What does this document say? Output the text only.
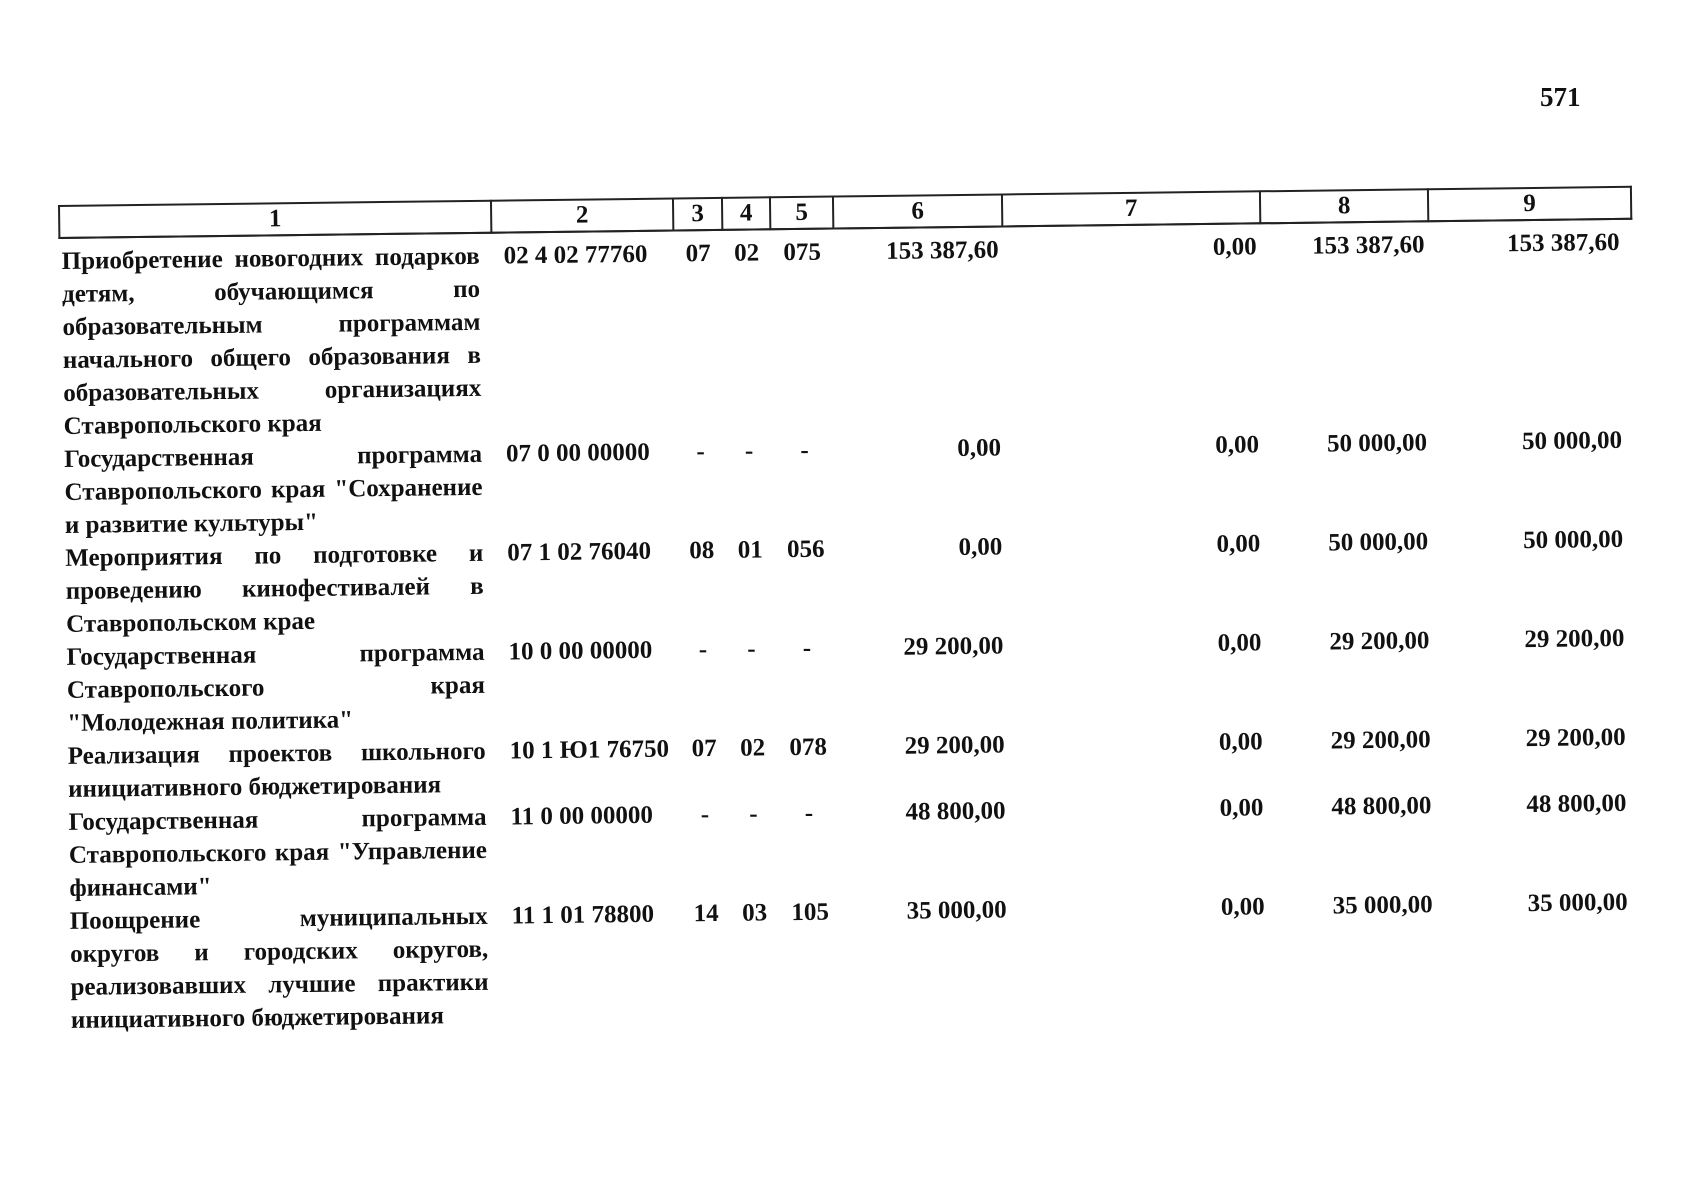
571
1	2	3	4	5	6	7	8	9
Приобретение новогодних подарков детям, обучающимся по образовательным программам начального общего образования в образовательных организациях Ставропольского края	02 4 02 77760	07	02	075	153 387,60	0,00	153 387,60	153 387,60
Государственная программа Ставропольского края "Сохранение и развитие культуры"	07 0 00 00000	-	-	-	0,00	0,00	50 000,00	50 000,00
Мероприятия по подготовке и проведению кинофестивалей в Ставропольском крае	07 1 02 76040	08	01	056	0,00	0,00	50 000,00	50 000,00
Государственная программа Ставропольского края "Молодежная политика"	10 0 00 00000	-	-	-	29 200,00	0,00	29 200,00	29 200,00
Реализация проектов школьного инициативного бюджетирования	10 1 Ю1 76750	07	02	078	29 200,00	0,00	29 200,00	29 200,00
Государственная программа Ставропольского края "Управление финансами"	11 0 00 00000	-	-	-	48 800,00	0,00	48 800,00	48 800,00
Поощрение муниципальных округов и городских округов, реализовавших лучшие практики инициативного бюджетирования	11 1 01 78800	14	03	105	35 000,00	0,00	35 000,00	35 000,00
